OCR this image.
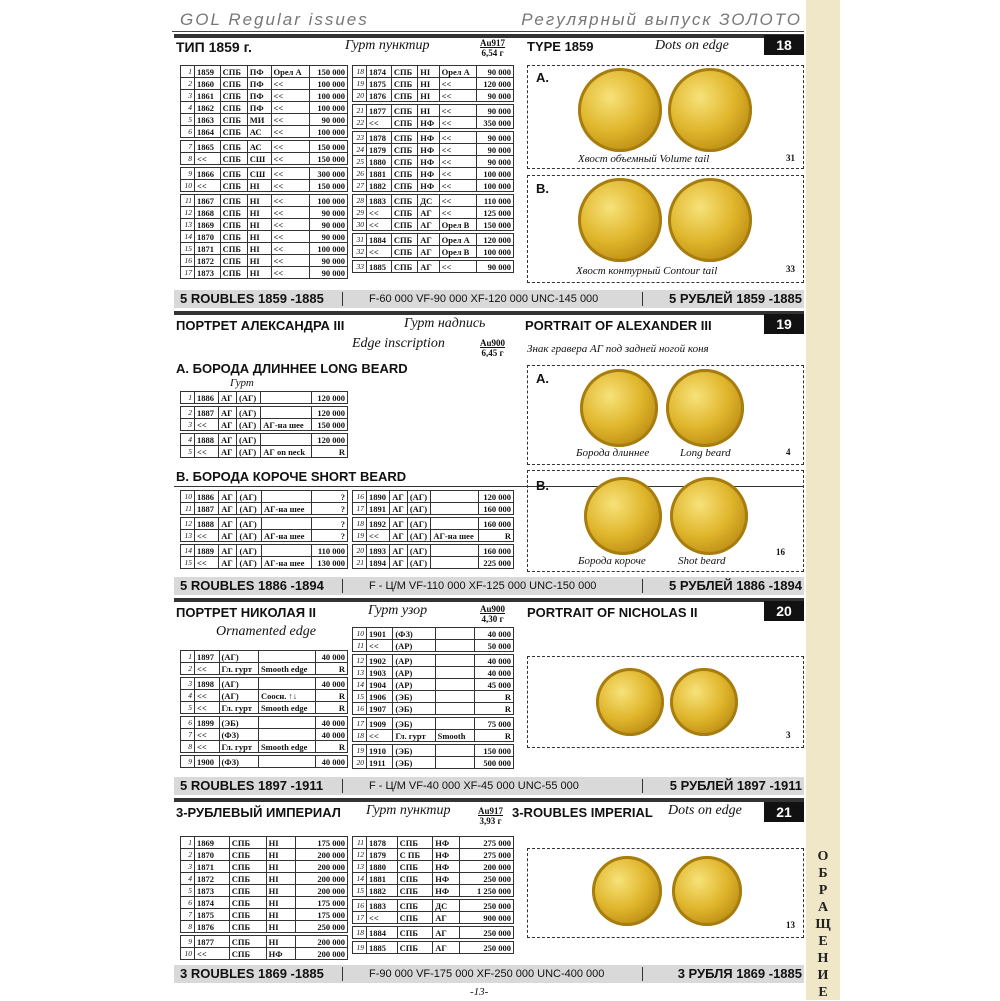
GOL Regular issues	Регулярный выпуск ЗОЛОТО
О
Б
Р
А
Щ
Е
Н
И
Е
ТИП 1859 г.	Гурт пунктир	Au917
6,54 г TYPE 1859	Dots on edge	18
1	1859	СПБ	ПФ	Орел А	150 000
2	1860	СПБ	ПФ	<<	100 000
3	1861	СПБ	ПФ	<<	100 000
4	1862	СПБ	ПФ	<<	100 000
5	1863	СПБ	МИ	<<	90 000
6	1864	СПБ	АС	<<	100 000

7	1865	СПБ	АС	<<	150 000
8	<<	СПБ	СШ	<<	150 000

9	1866	СПБ	СШ	<<	300 000
10	<<	СПБ	НI	<<	150 000

11	1867	СПБ	НI	<<	100 000
12	1868	СПБ	НI	<<	90 000
13	1869	СПБ	НI	<<	90 000
14	1870	СПБ	НI	<<	90 000
15	1871	СПБ	НI	<<	100 000
16	1872	СПБ	НI	<<	90 000
17	1873	СПБ	НI	<<	90 000
18	1874	СПБ	НI	Орел А	90 000
19	1875	СПБ	НI	<<	120 000
20	1876	СПБ	НI	<<	90 000

21	1877	СПБ	НI	<<	90 000
22	<<	СПБ	НФ	<<	350 000

23	1878	СПБ	НФ	<<	90 000
24	1879	СПБ	НФ	<<	90 000
25	1880	СПБ	НФ	<<	90 000
26	1881	СПБ	НФ	<<	100 000
27	1882	СПБ	НФ	<<	100 000

28	1883	СПБ	ДС	<<	110 000
29	<<	СПБ	АГ	<<	125 000
30	<<	СПБ	АГ	Орел В	150 000

31	1884	СПБ	АГ	Орел А	120 000
32	<<	СПБ	АГ	Орел В	100 000

33	1885	СПБ	АГ	<<	90 000
A.
Хвост объемный Volume tail	31
B.
Хвост контурный Contour tail	33
5 ROUBLES 1859 -1885	F-60 000 VF-90 000 XF-120 000 UNC-145 000	5 РУБЛЕЙ 1859 -1885
ПОРТРЕТ АЛЕКСАНДРА III	Гурт надпись
Edge inscription	Au900
6,45 г
PORTRAIT OF ALEXANDER III
Знак гравера АГ под задней ногой коня
19
A. БОРОДА ДЛИННЕЕ LONG BEARD
Гурт
1	1886	АГ	(АГ)		120 000

2	1887	АГ	(АГ)		120 000
3	<<	АГ	(АГ)	АГ-на шее	150 000

4	1888	АГ	(АГ)		120 000
5	<<	АГ	(АГ)	АГ on neck	R
B. БОРОДА КОРОЧЕ SHORT BEARD
10	1886	АГ	(АГ)		?
11	1887	АГ	(АГ)	АГ-на шее	?

12	1888	АГ	(АГ)		?
13	<<	АГ	(АГ)	АГ-на шее	?

14	1889	АГ	(АГ)		110 000
15	<<	АГ	(АГ)	АГ-на шее	130 000
16	1890	АГ	(АГ)		120 000
17	1891	АГ	(АГ)		160 000

18	1892	АГ	(АГ)		160 000
19	<<	АГ	(АГ)	АГ-на шее	R

20	1893	АГ	(АГ)		160 000
21	1894	АГ	(АГ)		225 000
A.
Борода длиннее	Long beard	4
B.
Борода короче	Shot beard
16
5 ROUBLES 1886 -1894	F - Ц/М VF-110 000 XF-125 000 UNC-150 000	5 РУБЛЕЙ 1886 -1894
ПОРТРЕТ НИКОЛАЯ II	Гурт узор
Ornamented edge
Au900
4,30 г PORTRAIT OF NICHOLAS II	20
1	1897	(АГ)		40 000
2	<<	Гл. гурт	Smooth edge	R

3	1898	(АГ)		40 000
4	<<	(АГ)	Соосн. ↑↓	R
5	<<	Гл. гурт	Smooth edge	R

6	1899	(ЭБ)		40 000
7	<<	(ФЗ)		40 000
8	<<	Гл. гурт	Smooth edge	R

9	1900	(ФЗ)		40 000
10	1901	(ФЗ)		40 000
11	<<	(АР)		50 000

12	1902	(АР)		40 000
13	1903	(АР)		40 000
14	1904	(АР)		45 000
15	1906	(ЭБ)		R
16	1907	(ЭБ)		R

17	1909	(ЭБ)		75 000
18	<<	Гл. гурт	Smooth	R

19	1910	(ЭБ)		150 000
20	1911	(ЭБ)		500 000
3
5 ROUBLES 1897 -1911	F - Ц/М VF-40 000 XF-45 000 UNC-55 000	5 РУБЛЕЙ 1897 -1911
3-РУБЛЕВЫЙ ИМПЕРИАЛ Гурт пунктир	Au917
3,93 г
3-ROUBLES IMPERIAL Dots on edge	21
1	1869	СПБ	НI	175 000
2	1870	СПБ	НI	200 000
3	1871	СПБ	НI	200 000
4	1872	СПБ	НI	200 000
5	1873	СПБ	НI	200 000
6	1874	СПБ	НI	175 000
7	1875	СПБ	НI	175 000
8	1876	СПБ	НI	250 000

9	1877	СПБ	НI	200 000
10	<<	СПБ	НФ	200 000
11	1878	СПБ	НФ	275 000
12	1879	С ПБ	НФ	275 000
13	1880	СПБ	НФ	200 000
14	1881	СПБ	НФ	250 000
15	1882	СПБ	НФ	1 250 000

16	1883	СПБ	ДС	250 000
17	<<	СПБ	АГ	900 000

18	1884	СПБ	АГ	250 000

19	1885	СПБ	АГ	250 000
13
3 ROUBLES 1869 -1885	F-90 000 VF-175 000 XF-250 000 UNC-400 000	3 РУБЛЯ 1869 -1885
-13-
